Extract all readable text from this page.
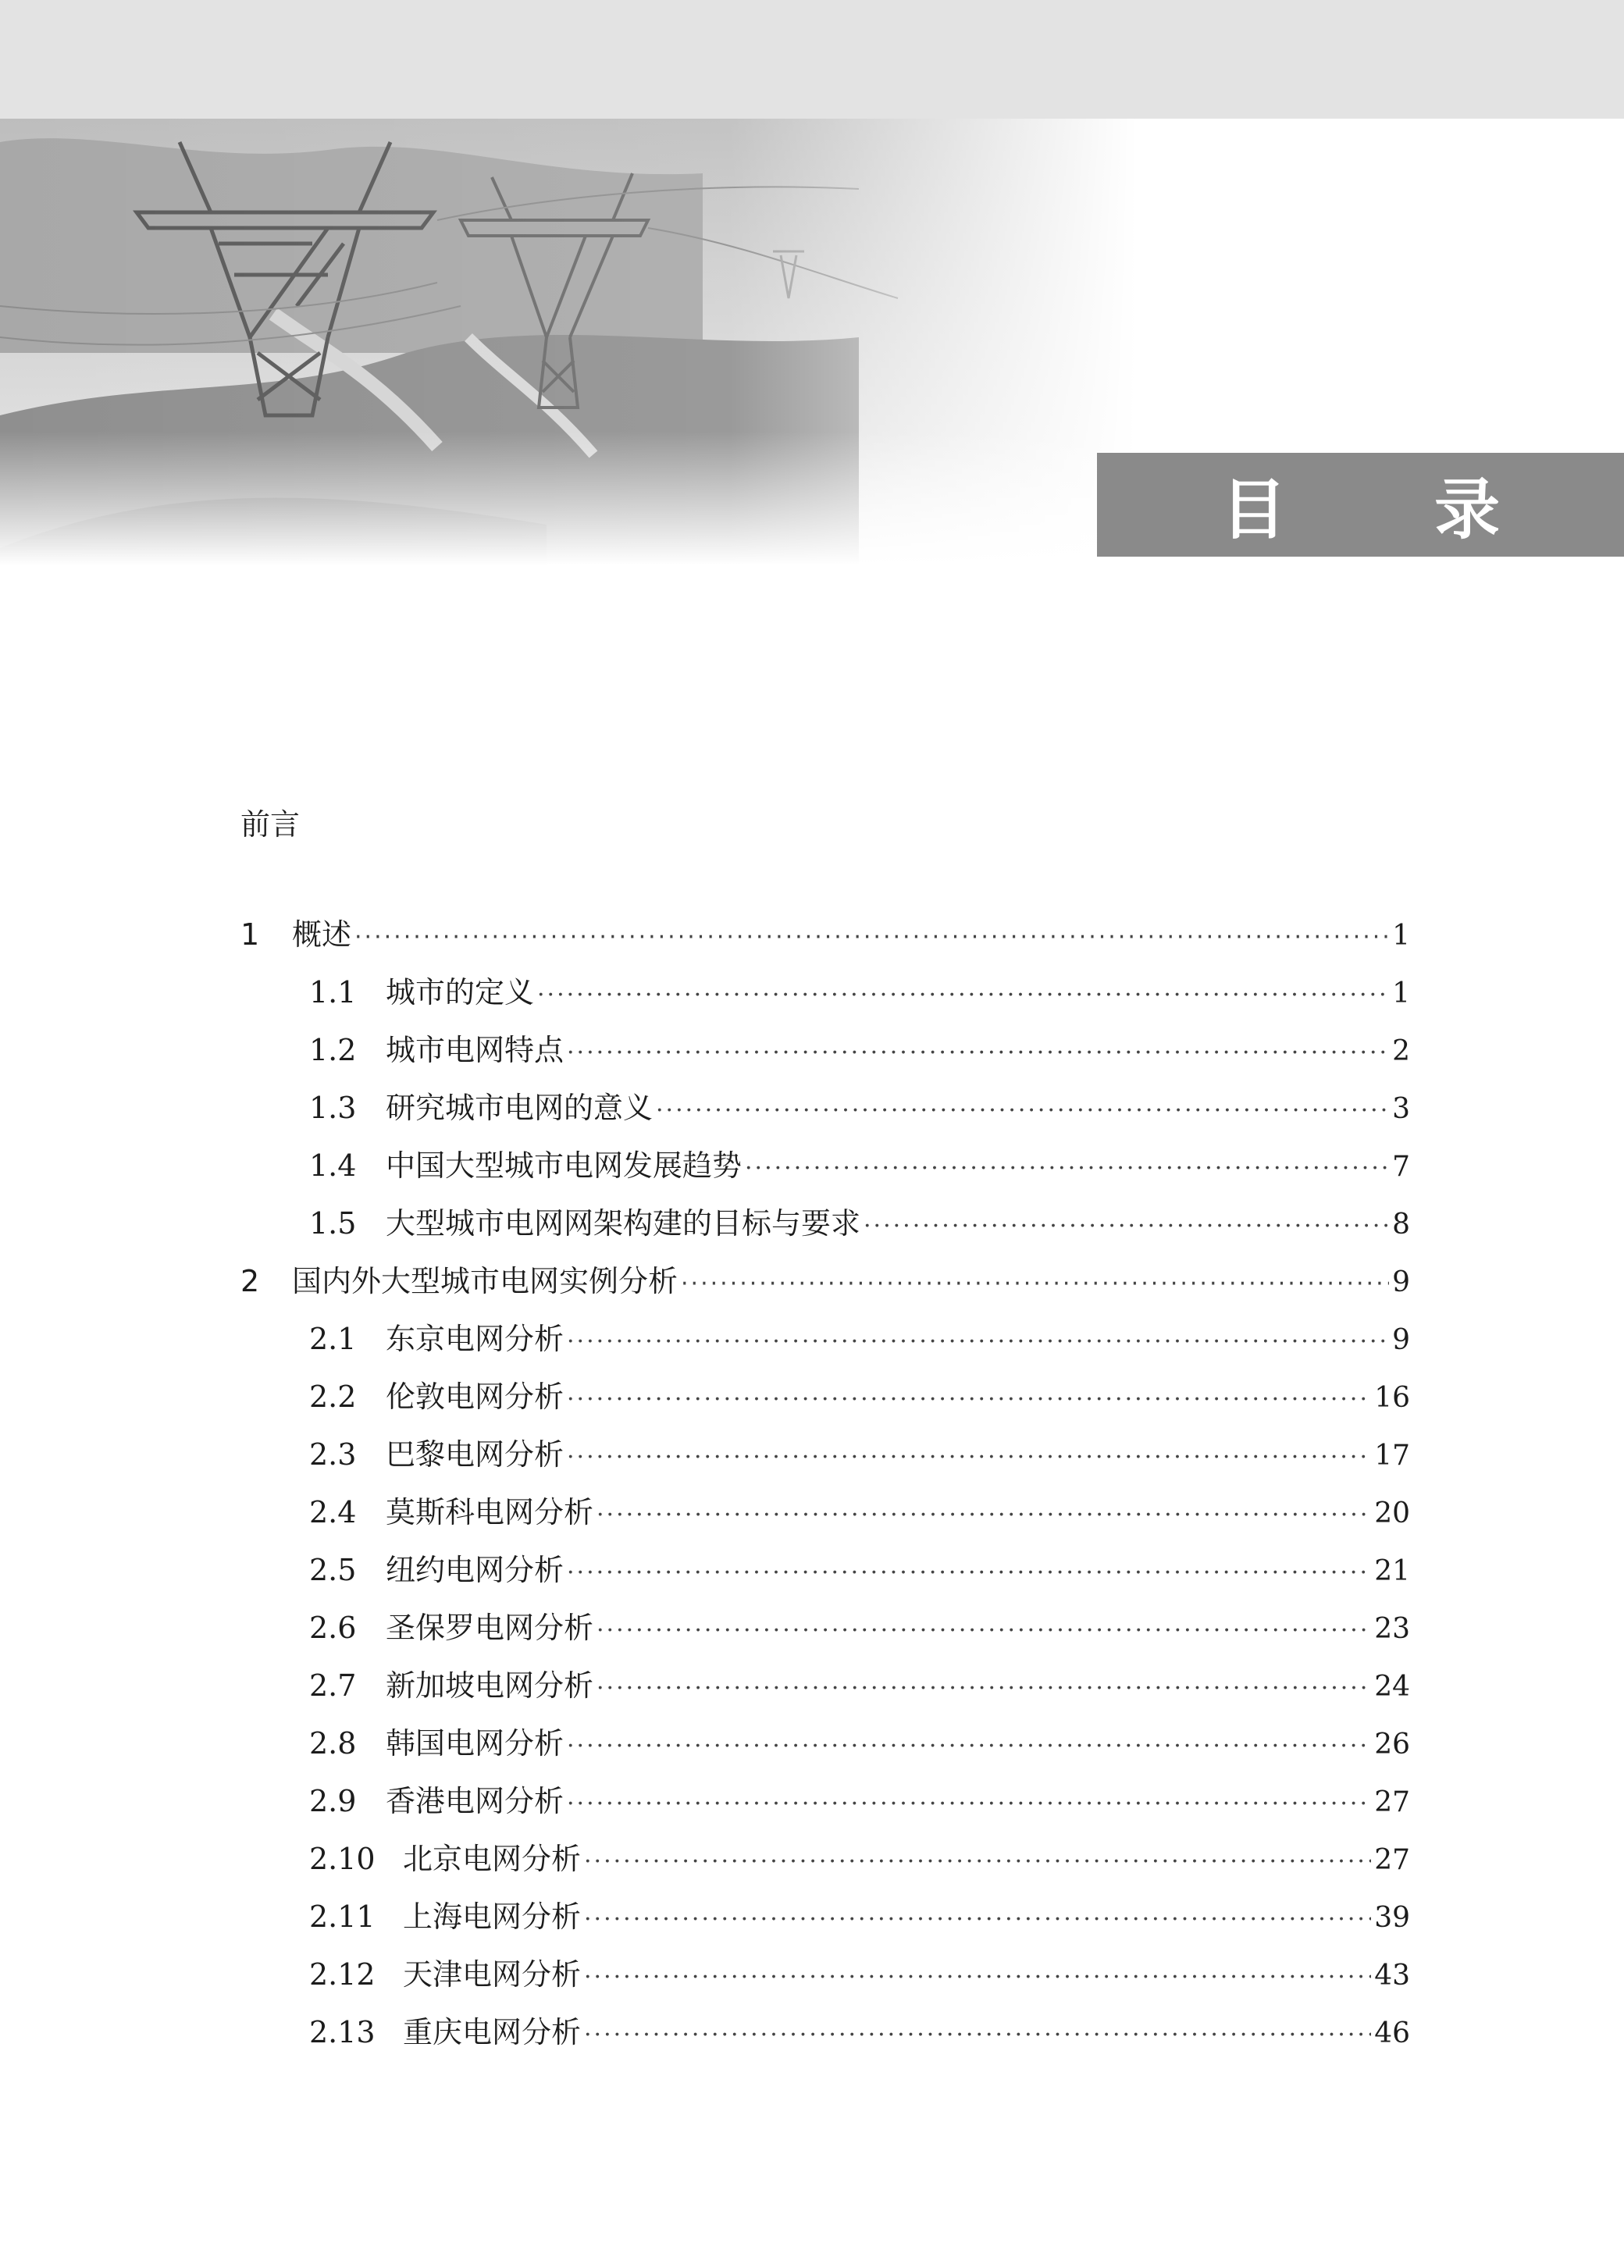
目 录
前言
1	概述 ·····	1
1.1 城市的定义 ·····	1
1.2 城市电网特点 ·····	2
1.3 研究城市电网的意义 ·····	3
1.4 中国大型城市电网发展趋势 ·····	7
1.5 大型城市电网网架构建的目标与要求 ·····	8
2	国内外大型城市电网实例分析 ·····	9
2.1 东京电网分析 ·····	9
2.2 伦敦电网分析 ·····	16
2.3 巴黎电网分析 ·····	17
2.4 莫斯科电网分析 ·····	20
2.5 纽约电网分析 ·····	21
2.6 圣保罗电网分析 ·····	23
2.7 新加坡电网分析 ·····	24
2.8 韩国电网分析 ·····	26
2.9 香港电网分析 ·····	27
2.10 北京电网分析 ·····	27
2.11 上海电网分析 ·····	39
2.12 天津电网分析 ·····	43
2.13 重庆电网分析 ·····	46
